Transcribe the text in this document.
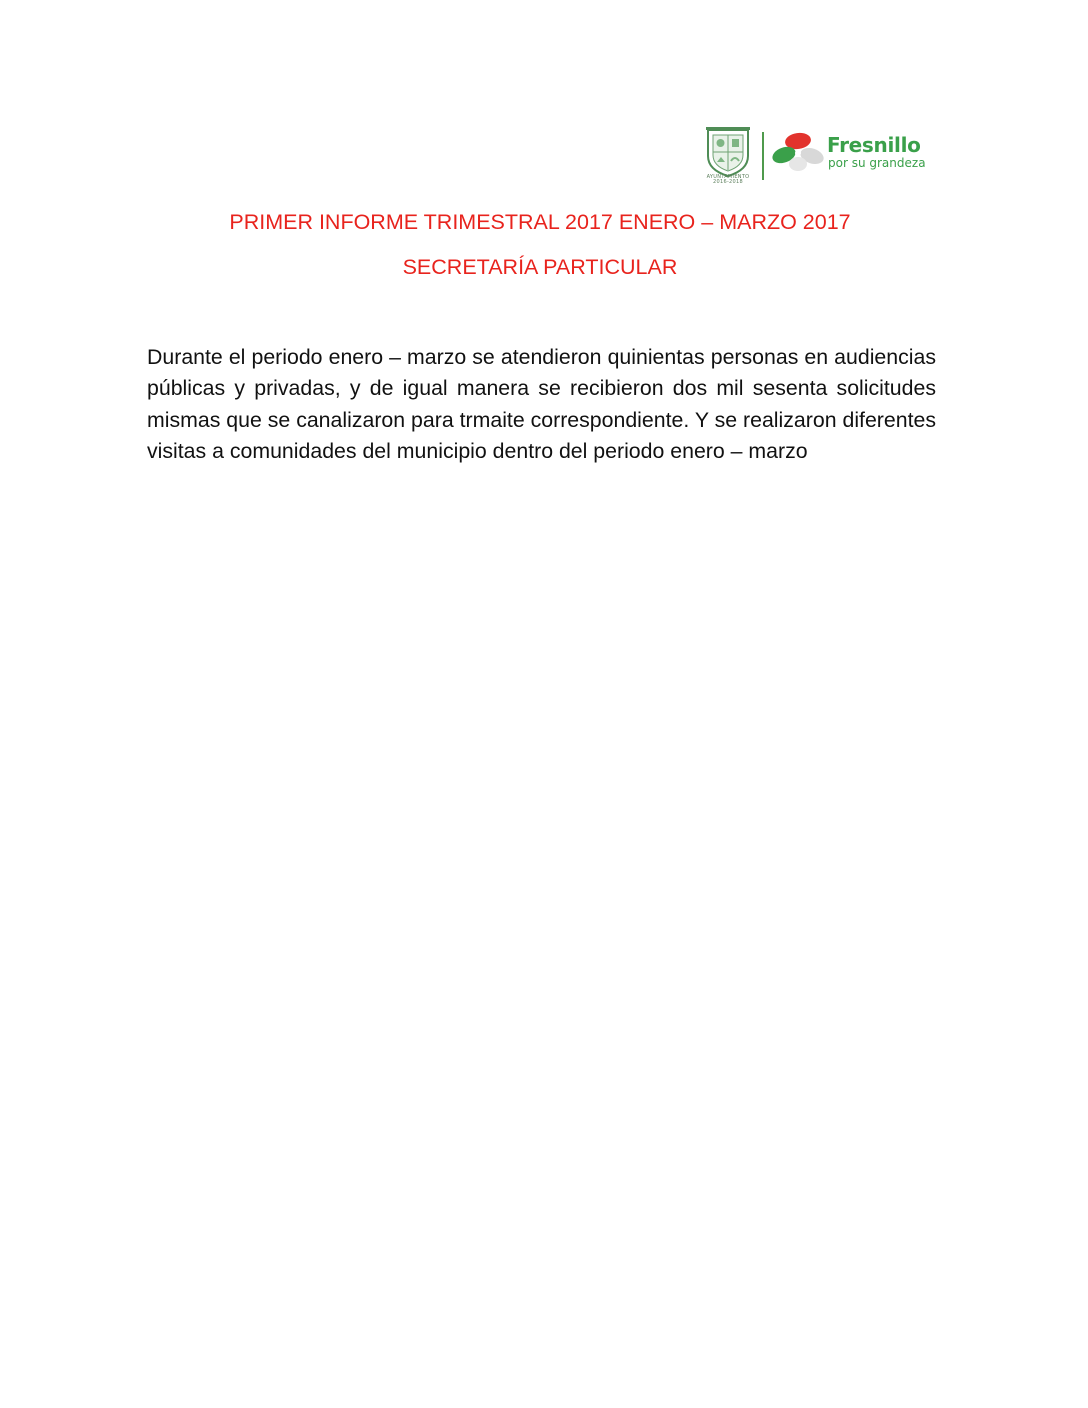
AYUNTAMIENTO
2016-2018
Fresnillo
por su grandeza
PRIMER INFORME TRIMESTRAL 2017 ENERO – MARZO 2017
SECRETARÍA PARTICULAR

Durante el periodo enero – marzo se atendieron quinientas personas en audiencias públicas y privadas, y de igual manera se recibieron dos mil sesenta solicitudes mismas que se canalizaron para trmaite correspondiente. Y se realizaron diferentes visitas a comunidades del municipio dentro del periodo enero – marzo
